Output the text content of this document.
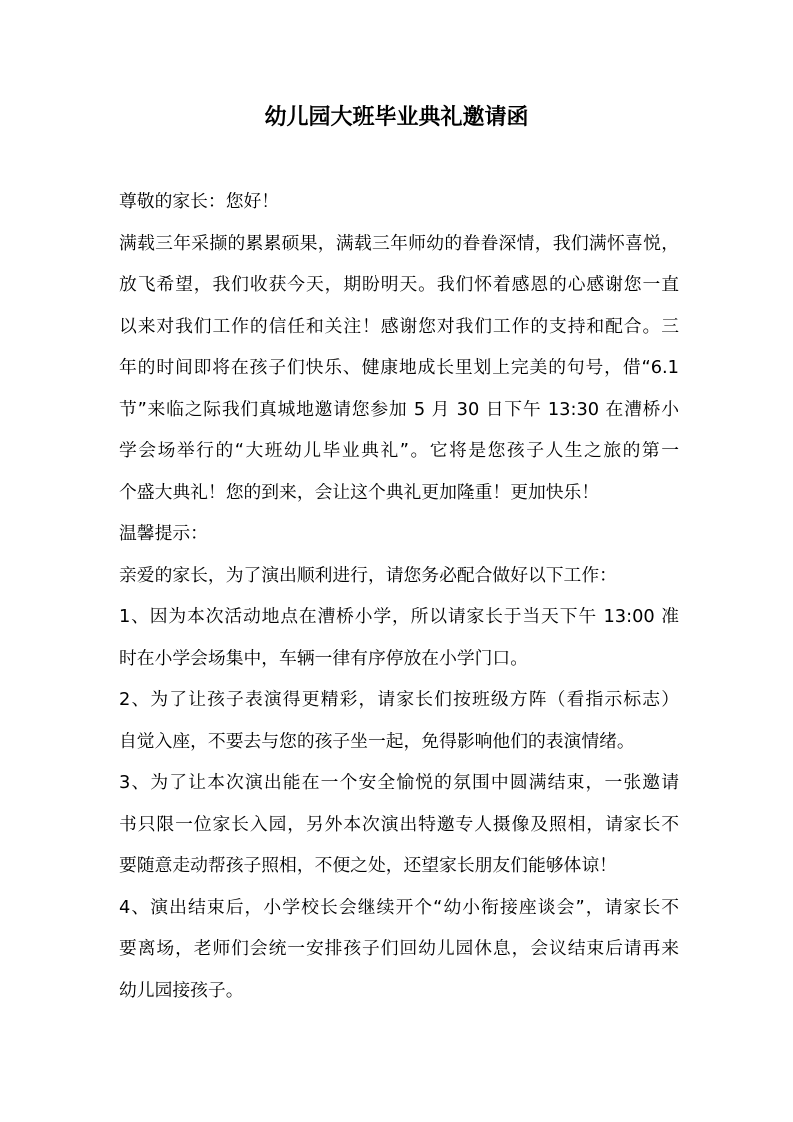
幼儿园大班毕业典礼邀请函
尊敬的家长：您好！
满载三年采撷的累累硕果，满载三年师幼的眷眷深情，我们满怀喜悦，
放飞希望，我们收获今天，期盼明天。我们怀着感恩的心感谢您一直
以来对我们工作的信任和关注！感谢您对我们工作的支持和配合。三
年的时间即将在孩子们快乐、健康地成长里划上完美的句号，借“6.1
节”来临之际我们真城地邀请您参加 5 月 30 日下午 13:30 在漕桥小
学会场举行的“大班幼儿毕业典礼”。它将是您孩子人生之旅的第一
个盛大典礼！您的到来，会让这个典礼更加隆重！更加快乐！
温馨提示：
亲爱的家长，为了演出顺利进行，请您务必配合做好以下工作：
1、因为本次活动地点在漕桥小学，所以请家长于当天下午 13:00 准
时在小学会场集中，车辆一律有序停放在小学门口。
2、为了让孩子表演得更精彩，请家长们按班级方阵（看指示标志）
自觉入座，不要去与您的孩子坐一起，免得影响他们的表演情绪。
3、为了让本次演出能在一个安全愉悦的氛围中圆满结束，一张邀请
书只限一位家长入园，另外本次演出特邀专人摄像及照相，请家长不
要随意走动帮孩子照相，不便之处，还望家长朋友们能够体谅！
4、演出结束后，小学校长会继续开个“幼小衔接座谈会”，请家长不
要离场，老师们会统一安排孩子们回幼儿园休息，会议结束后请再来
幼儿园接孩子。
